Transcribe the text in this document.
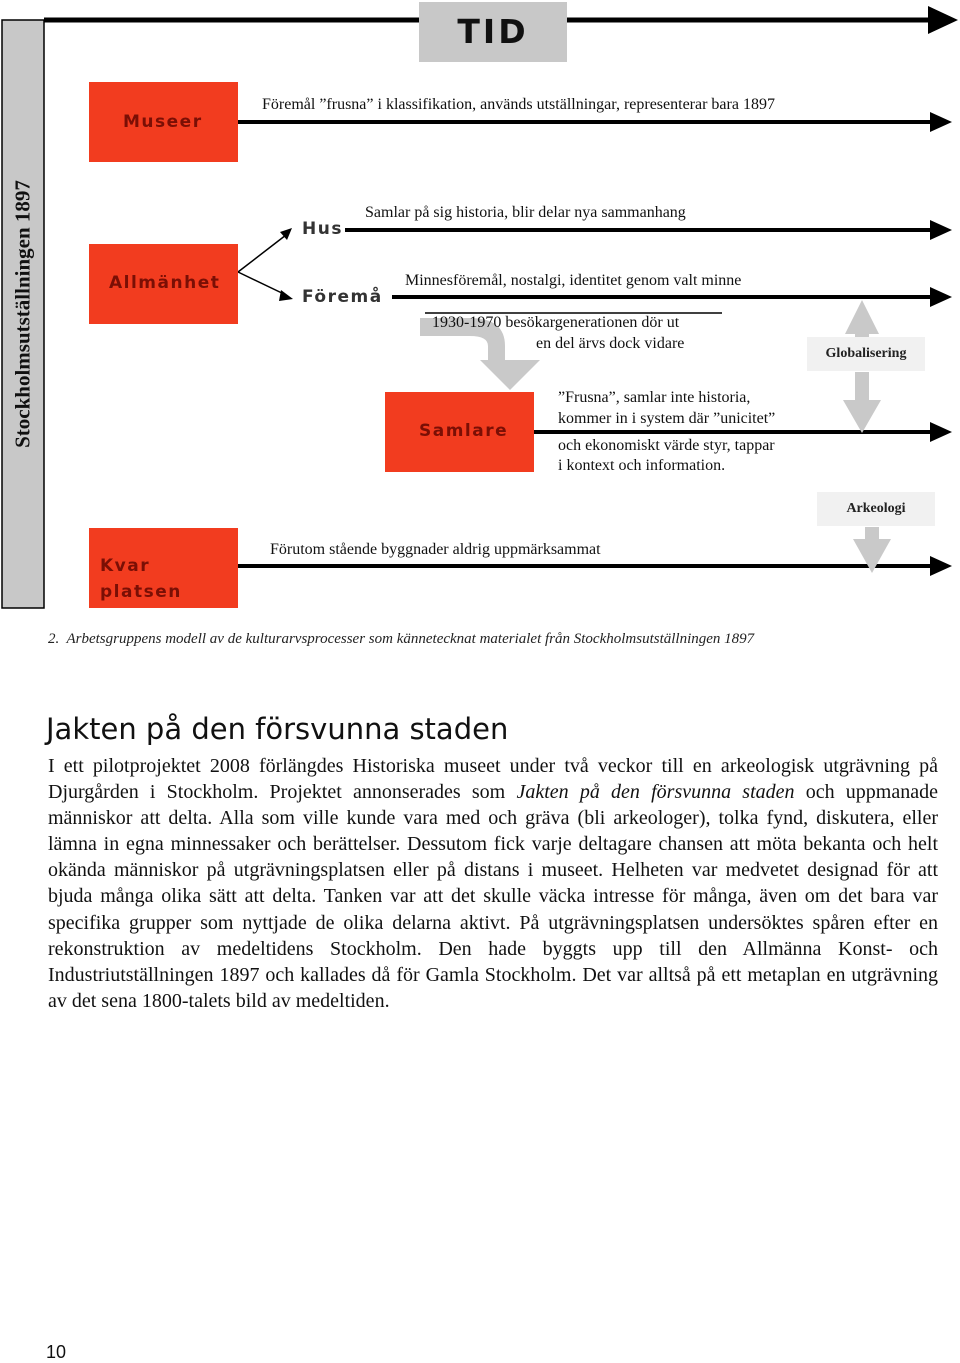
TID
Stockholmsutställningen 1897
Museer
Allmänhet
Samlare
Kvar
platsen
Hus
Föremå
Föremål ”frusna” i klassifikation, används utställningar, representerar bara 1897
Samlar på sig historia, blir delar nya sammanhang
Minnesföremål, nostalgi, identitet genom valt minne
1930-1970 besökargenerationen dör ut
en del ärvs dock vidare
”Frusna”, samlar inte historia,
kommer in i system där ”unicitet”
och ekonomiskt värde styr, tappar
i kontext och information.
Förutom stående byggnader aldrig uppmärksammat
Globalisering
Arkeologi
2. Arbetsgruppens modell av de kulturarvsprocesser som kännetecknat materialet från Stockholmsutställningen 1897
Jakten på den försvunna staden
I ett pilotprojektet 2008 förlängdes Historiska museet under två veckor till en arkeologisk utgrävning på Djurgården i Stockholm. Projektet annonserades som Jakten på den försvunna staden och uppmanade människor att delta. Alla som ville kunde vara med och gräva (bli arkeologer), tolka fynd, diskutera, eller lämna in egna minnessaker och berättelser. Dessutom fick varje deltagare chansen att möta bekanta och helt okända människor på utgrävningsplatsen eller på distans i museet. Helheten var medvetet designad för att bjuda många olika sätt att delta. Tanken var att det skulle väcka intresse för många, även om det bara var specifika grupper som nyttjade de olika delarna aktivt. På utgrävningsplatsen undersöktes spåren efter en rekonstruktion av medeltidens Stockholm. Den hade byggts upp till den Allmänna Konst- och Industriutställningen 1897 och kallades då för Gamla Stockholm. Det var alltså på ett metaplan en utgrävning av det sena 1800-talets bild av medeltiden.
10
